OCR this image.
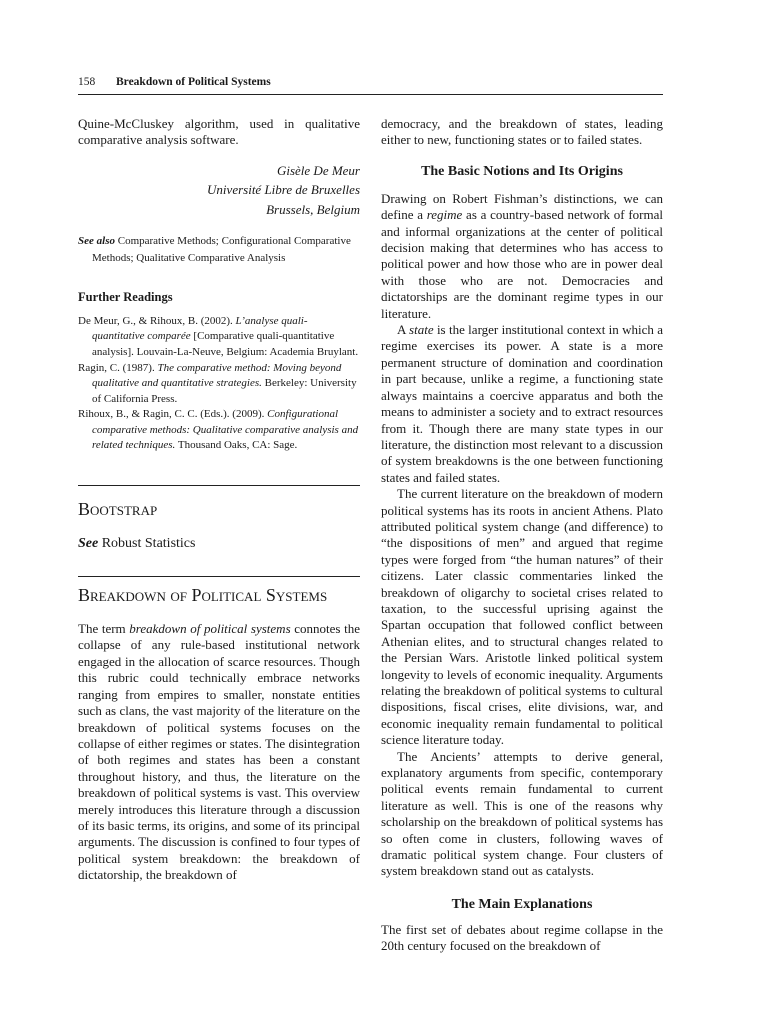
158 Breakdown of Political Systems

Quine-McCluskey algorithm, used in qualitative comparative analysis software.

Gisèle De Meur
Université Libre de Bruxelles
Brussels, Belgium
See also Comparative Methods; Configurational Comparative Methods; Qualitative Comparative Analysis
Further Readings
De Meur, G., & Rihoux, B. (2002). L’analyse quali-quantitative comparée [Comparative quali-quantitative analysis]. Louvain-La-Neuve, Belgium: Academia Bruylant.
Ragin, C. (1987). The comparative method: Moving beyond qualitative and quantitative strategies. Berkeley: University of California Press.
Rihoux, B., & Ragin, C. C. (Eds.). (2009). Configurational comparative methods: Qualitative comparative analysis and related techniques. Thousand Oaks, CA: Sage.
Bootstrap
See Robust Statistics
Breakdown of Political Systems

The term breakdown of political systems connotes the collapse of any rule-based institutional network engaged in the allocation of scarce resources. Though this rubric could technically embrace networks ranging from empires to smaller, nonstate entities such as clans, the vast majority of the literature on the breakdown of political systems focuses on the collapse of either regimes or states. The disintegration of both regimes and states has been a constant throughout history, and thus, the literature on the breakdown of political systems is vast. This overview merely introduces this literature through a discussion of its basic terms, its origins, and some of its principal arguments. The discussion is confined to four types of political system breakdown: the breakdown of dictatorship, the breakdown of

democracy, and the breakdown of states, leading either to new, functioning states or to failed states.

The Basic Notions and Its Origins

Drawing on Robert Fishman’s distinctions, we can define a regime as a country-based network of formal and informal organizations at the center of political decision making that determines who has access to political power and how those who are in power deal with those who are not. Democracies and dictatorships are the dominant regime types in our literature.

A state is the larger institutional context in which a regime exercises its power. A state is a more permanent structure of domination and coordination in part because, unlike a regime, a functioning state always maintains a coercive apparatus and both the means to administer a society and to extract resources from it. Though there are many state types in our literature, the distinction most relevant to a discussion of system breakdowns is the one between functioning states and failed states.

The current literature on the breakdown of modern political systems has its roots in ancient Athens. Plato attributed political system change (and difference) to “the dispositions of men” and argued that regime types were forged from “the human natures” of their citizens. Later classic commentaries linked the breakdown of oligarchy to societal crises related to taxation, to the successful uprising against the Spartan occupation that followed conflict between Athenian elites, and to structural changes related to the Persian Wars. Aristotle linked political system longevity to levels of economic inequality. Arguments relating the breakdown of political systems to cultural dispositions, fiscal crises, elite divisions, war, and economic inequality remain fundamental to political science literature today.

The Ancients’ attempts to derive general, explanatory arguments from specific, contemporary political events remain fundamental to current literature as well. This is one of the reasons why scholarship on the breakdown of political systems has so often come in clusters, following waves of dramatic political system change. Four clusters of system breakdown stand out as catalysts.

The Main Explanations

The first set of debates about regime collapse in the 20th century focused on the breakdown of
